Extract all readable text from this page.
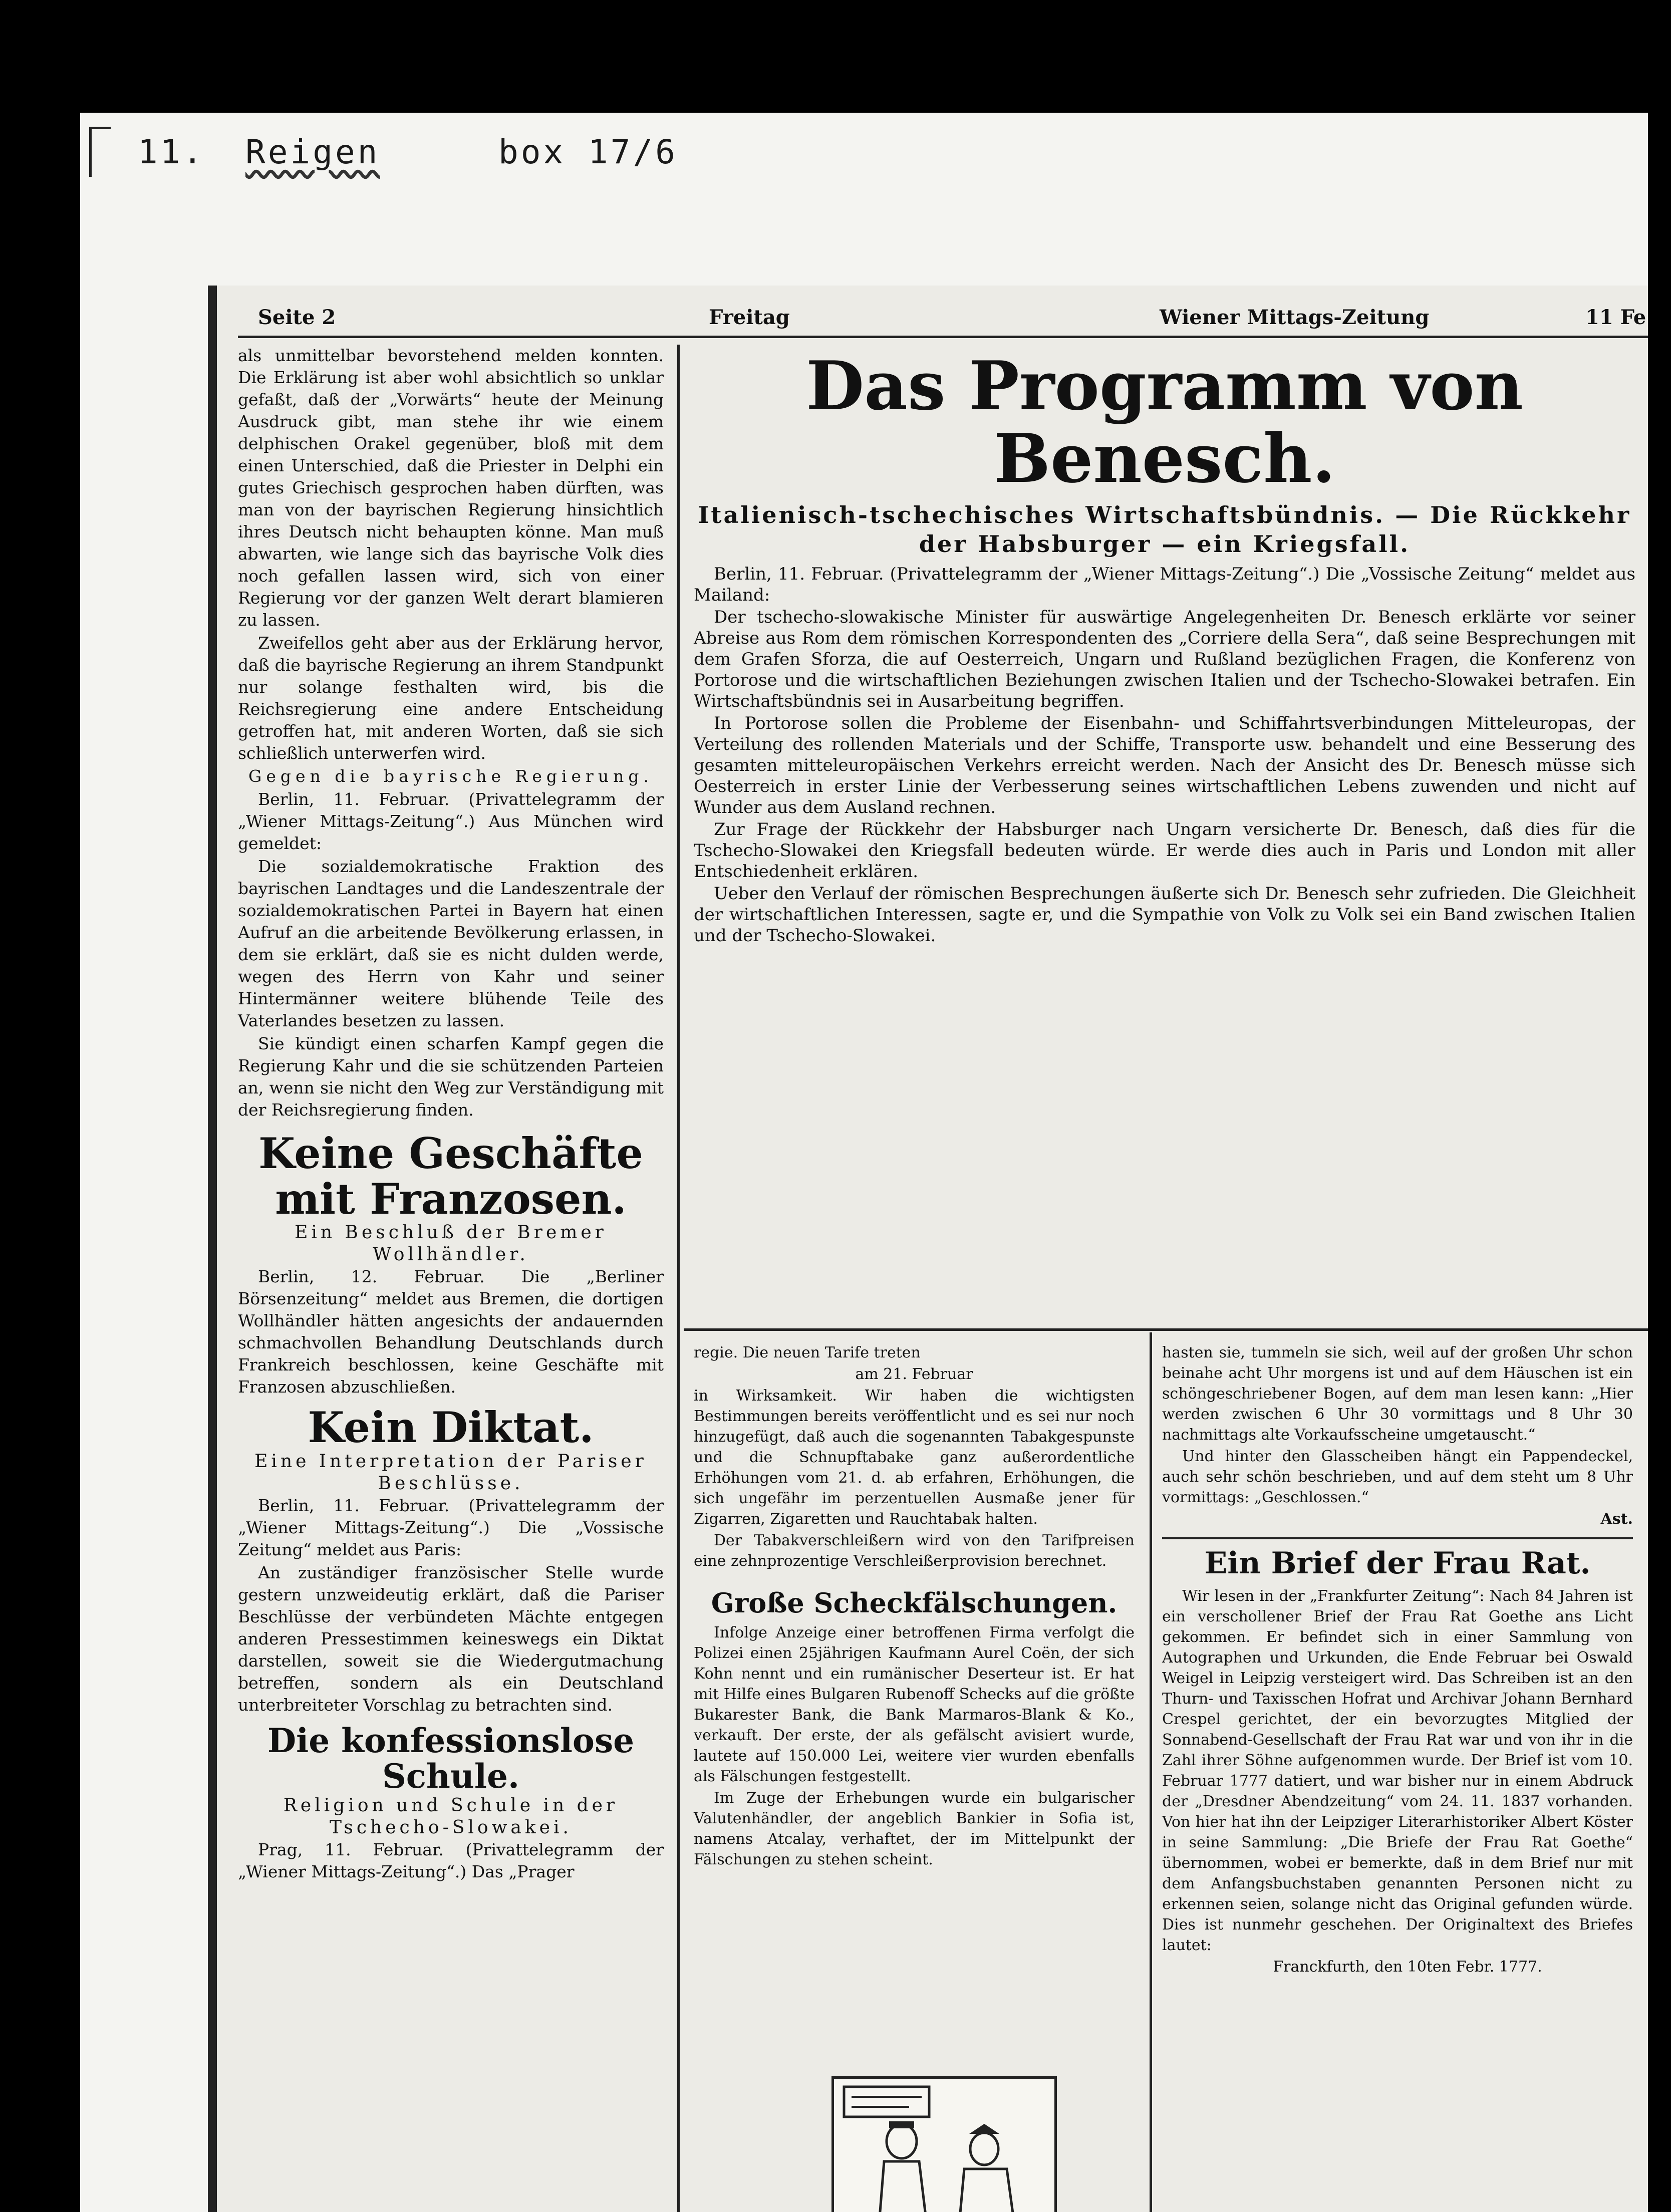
11. Reigen	box 17/6
Seite 2	Freitag	Wiener Mittags-Zeitung	11 Fe

als unmittelbar bevorstehend melden konnten. Die Erklärung ist aber wohl absichtlich so unklar gefaßt, daß der „Vorwärts“ heute der Meinung Ausdruck gibt, man stehe ihr wie einem delphischen Orakel gegenüber, bloß mit dem einen Unterschied, daß die Priester in Delphi ein gutes Griechisch gesprochen haben dürften, was man von der bayrischen Regierung hinsichtlich ihres Deutsch nicht behaupten könne. Man muß abwarten, wie lange sich das bayrische Volk dies noch gefallen lassen wird, sich von einer Regierung vor der ganzen Welt derart blamieren zu lassen.

Zweifellos geht aber aus der Erklärung hervor, daß die bayrische Regierung an ihrem Standpunkt nur solange festhalten wird, bis die Reichsregierung eine andere Entscheidung getroffen hat, mit anderen Worten, daß sie sich schließlich unterwerfen wird.

Gegen die bayrische Regierung.

Berlin, 11. Februar. (Privattelegramm der „Wiener Mittags-Zeitung“.) Aus München wird gemeldet:

Die sozialdemokratische Fraktion des bayrischen Landtages und die Landeszentrale der sozialdemokratischen Partei in Bayern hat einen Aufruf an die arbeitende Bevölkerung erlassen, in dem sie erklärt, daß sie es nicht dulden werde, wegen des Herrn von Kahr und seiner Hintermänner weitere blühende Teile des Vaterlandes besetzen zu lassen.

Sie kündigt einen scharfen Kampf gegen die Regierung Kahr und die sie schützenden Parteien an, wenn sie nicht den Weg zur Verständigung mit der Reichsregierung finden.

Keine Geschäfte mit Franzosen.
Ein Beschluß der Bremer Wollhändler.

Berlin, 12. Februar. Die „Berliner Börsenzeitung“ meldet aus Bremen, die dortigen Wollhändler hätten angesichts der andauernden schmachvollen Behandlung Deutschlands durch Frankreich beschlossen, keine Geschäfte mit Franzosen abzuschließen.

Kein Diktat.
Eine Interpretation der Pariser Beschlüsse.

Berlin, 11. Februar. (Privattelegramm der „Wiener Mittags-Zeitung“.) Die „Vossische Zeitung“ meldet aus Paris:

An zuständiger französischer Stelle wurde gestern unzweideutig erklärt, daß die Pariser Beschlüsse der verbündeten Mächte entgegen anderen Pressestimmen keineswegs ein Diktat darstellen, soweit sie die Wiedergutmachung betreffen, sondern als ein Deutschland unterbreiteter Vorschlag zu betrachten sind.

Die konfessionslose Schule.
Religion und Schule in der Tschecho-Slowakei.

Prag, 11. Februar. (Privattelegramm der „Wiener Mittags-Zeitung“.) Das „Prager

Das Programm von Benesch.
Italienisch-tschechisches Wirtschaftsbündnis. — Die Rückkehr der Habsburger — ein Kriegsfall.

Berlin, 11. Februar. (Privattelegramm der „Wiener Mittags-Zeitung“.) Die „Vossische Zeitung“ meldet aus Mailand:

Der tschecho-slowakische Minister für auswärtige Angelegenheiten Dr. Benesch erklärte vor seiner Abreise aus Rom dem römischen Korrespondenten des „Corriere della Sera“, daß seine Besprechungen mit dem Grafen Sforza, die auf Oesterreich, Ungarn und Rußland bezüglichen Fragen, die Konferenz von Portorose und die wirtschaftlichen Beziehungen zwischen Italien und der Tschecho-Slowakei betrafen. Ein Wirtschaftsbündnis sei in Ausarbeitung begriffen.

In Portorose sollen die Probleme der Eisenbahn- und Schiffahrtsverbindungen Mitteleuropas, der Verteilung des rollenden Materials und der Schiffe, Transporte usw. behandelt und eine Besserung des gesamten mitteleuropäischen Verkehrs erreicht werden. Nach der Ansicht des Dr. Benesch müsse sich Oesterreich in erster Linie der Verbesserung seines wirtschaftlichen Lebens zuwenden und nicht auf Wunder aus dem Ausland rechnen.

Zur Frage der Rückkehr der Habsburger nach Ungarn versicherte Dr. Benesch, daß dies für die Tschecho-Slowakei den Kriegsfall bedeuten würde. Er werde dies auch in Paris und London mit aller Entschiedenheit erklären.

Ueber den Verlauf der römischen Besprechungen äußerte sich Dr. Benesch sehr zufrieden. Die Gleichheit der wirtschaftlichen Interessen, sagte er, und die Sympathie von Volk zu Volk sei ein Band zwischen Italien und der Tschecho-Slowakei.

regie. Die neuen Tarife treten

am 21. Februar

in Wirksamkeit. Wir haben die wichtigsten Bestimmungen bereits veröffentlicht und es sei nur noch hinzugefügt, daß auch die sogenannten Tabakgespunste und die Schnupftabake ganz außerordentliche Erhöhungen vom 21. d. ab erfahren, Erhöhungen, die sich ungefähr im perzentuellen Ausmaße jener für Zigarren, Zigaretten und Rauchtabak halten.

Der Tabakverschleißern wird von den Tarifpreisen eine zehnprozentige Verschleißerprovision berechnet.

Große Scheckfälschungen.

Infolge Anzeige einer betroffenen Firma verfolgt die Polizei einen 25jährigen Kaufmann Aurel Coën, der sich Kohn nennt und ein rumänischer Deserteur ist. Er hat mit Hilfe eines Bulgaren Rubenoff Schecks auf die größte Bukarester Bank, die Bank Marmaros-Blank & Ko., verkauft. Der erste, der als gefälscht avisiert wurde, lautete auf 150.000 Lei, weitere vier wurden ebenfalls als Fälschungen festgestellt.

Im Zuge der Erhebungen wurde ein bulgarischer Valutenhändler, der angeblich Bankier in Sofia ist, namens Atcalay, verhaftet, der im Mittelpunkt der Fälschungen zu stehen scheint.

hasten sie, tummeln sie sich, weil auf der großen Uhr schon beinahe acht Uhr morgens ist und auf dem Häuschen ist ein schöngeschriebener Bogen, auf dem man lesen kann: „Hier werden zwischen 6 Uhr 30 vormittags und 8 Uhr 30 nachmittags alte Vorkaufsscheine umgetauscht.“

Und hinter den Glasscheiben hängt ein Pappendeckel, auch sehr schön beschrieben, und auf dem steht um 8 Uhr vormittags: „Geschlossen.“

Ast.

Ein Brief der Frau Rat.

Wir lesen in der „Frankfurter Zeitung“: Nach 84 Jahren ist ein verschollener Brief der Frau Rat Goethe ans Licht gekommen. Er befindet sich in einer Sammlung von Autographen und Urkunden, die Ende Februar bei Oswald Weigel in Leipzig versteigert wird. Das Schreiben ist an den Thurn- und Taxisschen Hofrat und Archivar Johann Bernhard Crespel gerichtet, der ein bevorzugtes Mitglied der Sonnabend-Gesellschaft der Frau Rat war und von ihr in die Zahl ihrer Söhne aufgenommen wurde. Der Brief ist vom 10. Februar 1777 datiert, und war bisher nur in einem Abdruck der „Dresdner Abendzeitung“ vom 24. 11. 1837 vorhanden. Von hier hat ihn der Leipziger Literarhistoriker Albert Köster in seine Sammlung: „Die Briefe der Frau Rat Goethe“ übernommen, wobei er bemerkte, daß in dem Brief nur mit dem Anfangsbuchstaben genannten Personen nicht zu erkennen seien, solange nicht das Original gefunden würde. Dies ist nunmehr geschehen. Der Originaltext des Briefes lautet:

Franckfurth, den 10ten Febr. 1777.
